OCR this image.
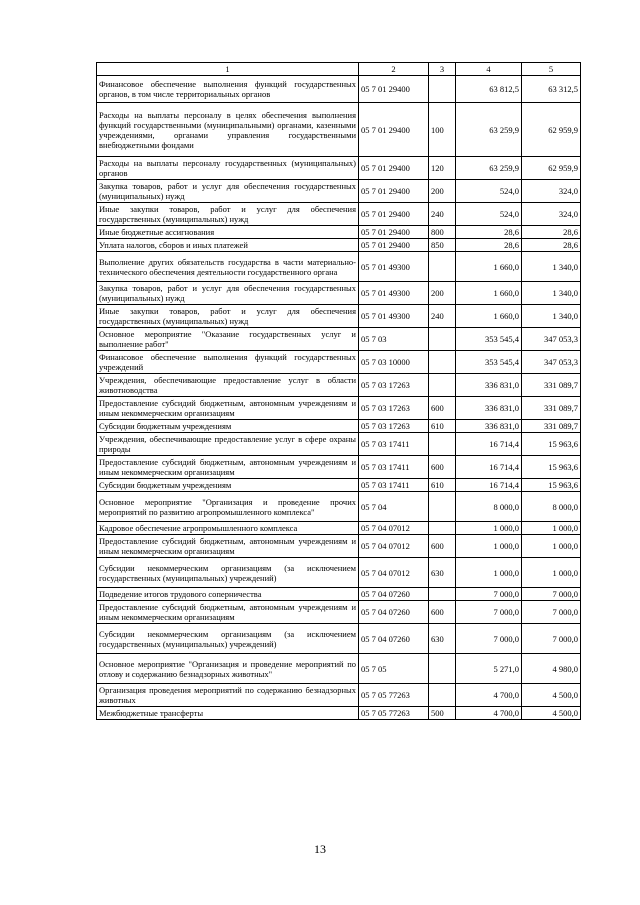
1	2	3	4	5
Финансовое обеспечение выполнения функций государственных органов, в том числе территориальных органов	05 7 01 29400		63 812,5	63 312,5
Расходы на выплаты персоналу в целях обеспечения выполнения функций государственными (муниципальными) органами, казенными учреждениями, органами управления государственными внебюджетными фондами	05 7 01 29400	100	63 259,9	62 959,9
Расходы на выплаты персоналу государственных (муниципальных) органов	05 7 01 29400	120	63 259,9	62 959,9
Закупка товаров, работ и услуг для обеспечения государственных (муниципальных) нужд	05 7 01 29400	200	524,0	324,0
Иные закупки товаров, работ и услуг для обеспечения государственных (муниципальных) нужд	05 7 01 29400	240	524,0	324,0
Иные бюджетные ассигнования	05 7 01 29400	800	28,6	28,6
Уплата налогов, сборов и иных платежей	05 7 01 29400	850	28,6	28,6
Выполнение других обязательств государства в части материально-технического обеспечения деятельности государственного органа	05 7 01 49300		1 660,0	1 340,0
Закупка товаров, работ и услуг для обеспечения государственных (муниципальных) нужд	05 7 01 49300	200	1 660,0	1 340,0
Иные закупки товаров, работ и услуг для обеспечения государственных (муниципальных) нужд	05 7 01 49300	240	1 660,0	1 340,0
Основное мероприятие "Оказание государственных услуг и выполнение работ"	05 7 03		353 545,4	347 053,3
Финансовое обеспечение выполнения функций государственных учреждений	05 7 03 10000		353 545,4	347 053,3
Учреждения, обеспечивающие предоставление услуг в области животноводства	05 7 03 17263		336 831,0	331 089,7
Предоставление субсидий бюджетным, автономным учреждениям и иным некоммерческим организациям	05 7 03 17263	600	336 831,0	331 089,7
Субсидии бюджетным учреждениям	05 7 03 17263	610	336 831,0	331 089,7
Учреждения, обеспечивающие предоставление услуг в сфере охраны природы	05 7 03 17411		16 714,4	15 963,6
Предоставление субсидий бюджетным, автономным учреждениям и иным некоммерческим организациям	05 7 03 17411	600	16 714,4	15 963,6
Субсидии бюджетным учреждениям	05 7 03 17411	610	16 714,4	15 963,6
Основное мероприятие "Организация и проведение прочих мероприятий по развитию агропромышленного комплекса"	05 7 04		8 000,0	8 000,0
Кадровое обеспечение агропромышленного комплекса	05 7 04 07012		1 000,0	1 000,0
Предоставление субсидий бюджетным, автономным учреждениям и иным некоммерческим организациям	05 7 04 07012	600	1 000,0	1 000,0
Субсидии некоммерческим организациям (за исключением государственных (муниципальных) учреждений)	05 7 04 07012	630	1 000,0	1 000,0
Подведение итогов трудового соперничества	05 7 04 07260		7 000,0	7 000,0
Предоставление субсидий бюджетным, автономным учреждениям и иным некоммерческим организациям	05 7 04 07260	600	7 000,0	7 000,0
Субсидии некоммерческим организациям (за исключением государственных (муниципальных) учреждений)	05 7 04 07260	630	7 000,0	7 000,0
Основное мероприятие "Организация и проведение мероприятий по отлову и содержанию безнадзорных животных"	05 7 05		5 271,0	4 980,0
Организация проведения мероприятий по содержанию безнадзорных животных	05 7 05 77263		4 700,0	4 500,0
Межбюджетные трансферты	05 7 05 77263	500	4 700,0	4 500,0
13
